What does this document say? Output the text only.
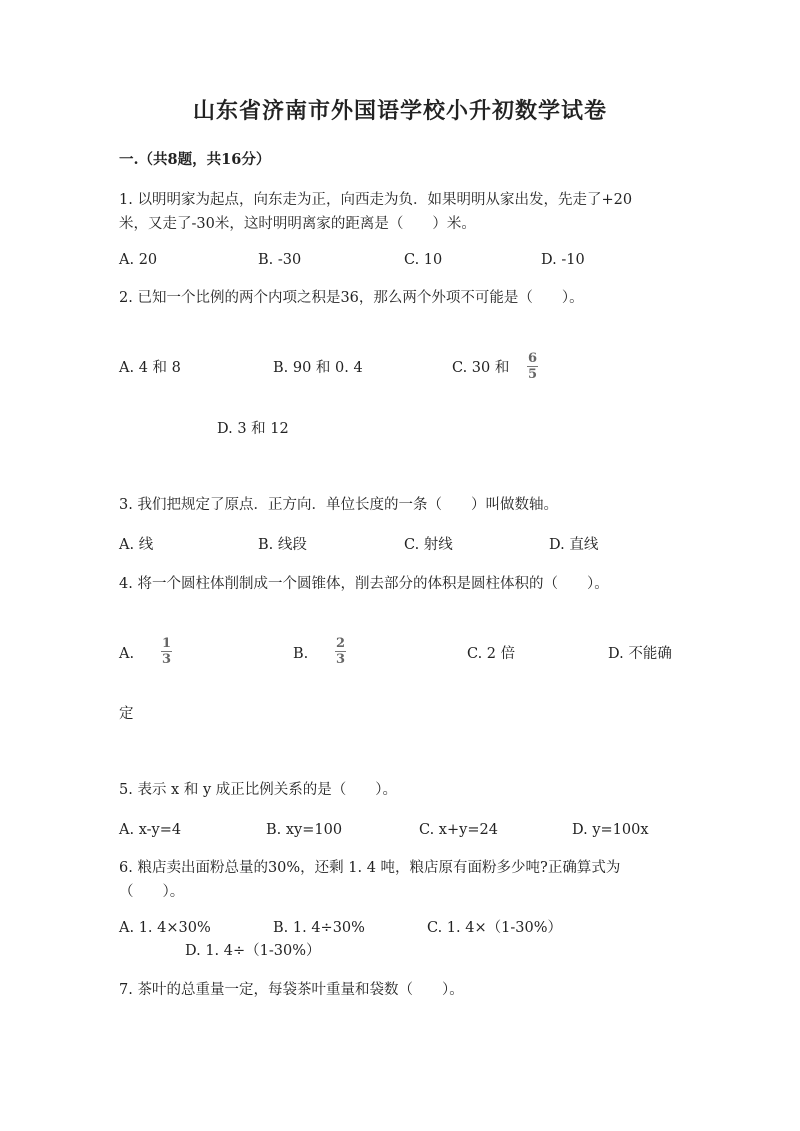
山东省济南市外国语学校小升初数学试卷
一.（共8题，共16分）
1. 以明明家为起点，向东走为正，向西走为负．如果明明从家出发，先走了+20
米，又走了-30米，这时明明离家的距离是（　　）米。
A. 20	B. -30	C. 10	D. -10
2. 已知一个比例的两个内项之积是36，那么两个外项不可能是（　　）。
A. 4 和 8	B. 90 和 0. 4	C. 30 和
6
5
D. 3 和 12
3. 我们把规定了原点．正方向．单位长度的一条（　　）叫做数轴。
A. 线	B. 线段	C. 射线	D. 直线
4. 将一个圆柱体削制成一个圆锥体，削去部分的体积是圆柱体积的（　　）。
A.
1
3	B.
2
3	C. 2 倍	D. 不能确
定
5. 表示 x 和 y 成正比例关系的是（　　）。
A. x-y=4	B. xy=100	C. x+y=24	D. y=100x
6. 粮店卖出面粉总量的30%，还剩 1. 4 吨，粮店原有面粉多少吨?正确算式为
（　　）。
A. 1. 4×30%	B. 1. 4÷30%	C. 1. 4×（1-30%）
D. 1. 4÷（1-30%）
7. 茶叶的总重量一定，每袋茶叶重量和袋数（　　）。
